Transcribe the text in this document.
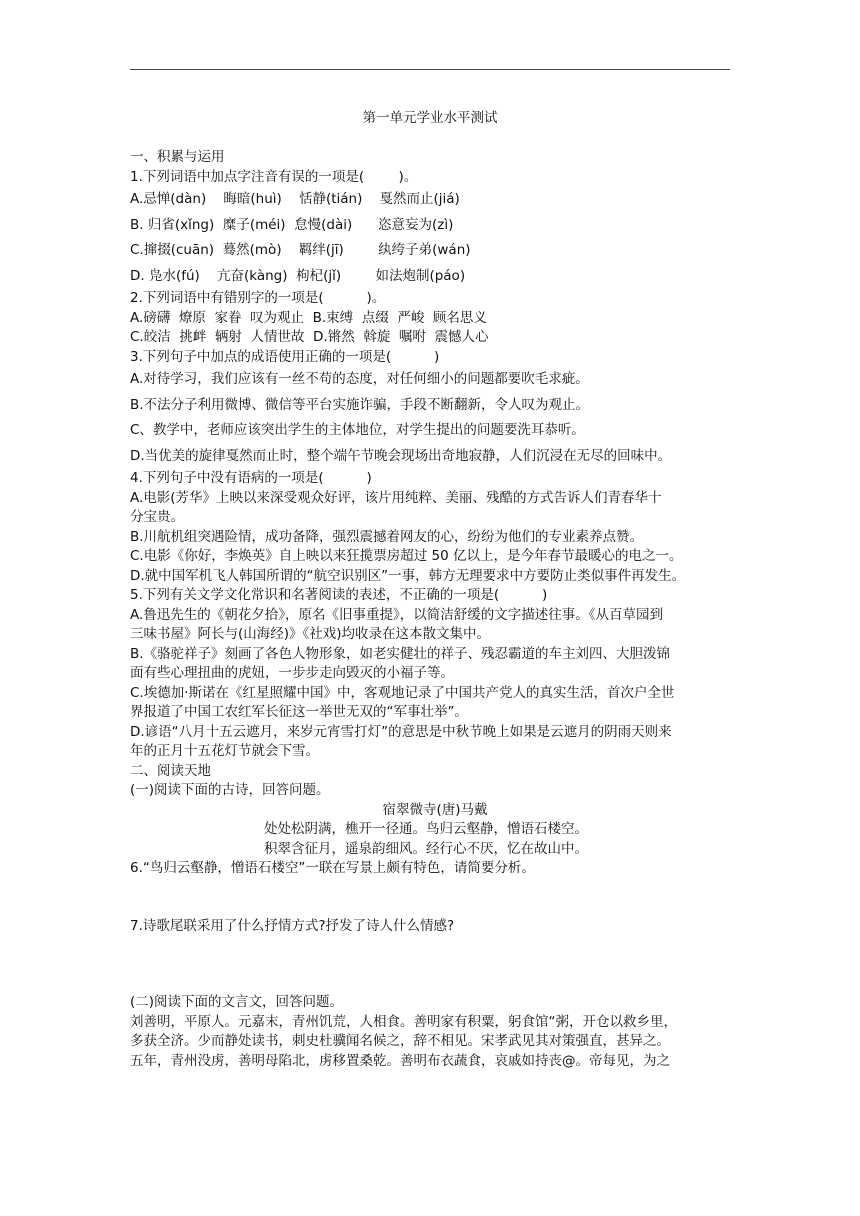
第一单元学业水平测试
一、积累与运用
1.下列词语中加点字注音有误的一项是(        )。
A.忌惮(dàn)    晦暗(huì)    恬静(tián)    戛然而止(jiá)
B. 归省(xǐng)  糜子(méi)  怠慢(dài)      恣意妄为(zì)
C.撺掇(cuān)  蓦然(mò)    羁绊(jī)        纨绔子弟(wán)
D. 凫水(fú)    亢奋(kàng)  枸杞(jǐ)        如法炮制(páo)
2.下列词语中有错别字的一项是(          )。
A.磅礴  燎原  家眷  叹为观止  B.束缚  点缀  严峻  顾名思义
C.皎洁  挑衅  辆射  人情世故  D.锵然  斡旋  嘱咐  震憾人心
3.下列句子中加点的成语使用正确的一项是(          )
A.对待学习，我们应该有一丝不苟的态度，对任何细小的问题都要吹毛求疵。
B.不法分子利用微博、微信等平台实施诈骗，手段不断翻新，令人叹为观止。
C、教学中，老师应该突出学生的主体地位，对学生提出的问题要洗耳恭听。
D.当优美的旋律戛然而止时，整个端午节晚会现场出奇地寂静，人们沉浸在无尽的回味中。
4.下列句子中没有语病的一项是(          )
A.电影(芳华》上映以来深受观众好评，该片用纯粹、美丽、残酷的方式告诉人们青春华十
分宝贵。
B.川航机组突遇险情，成功备降，强烈震撼着网友的心，纷纷为他们的专业素养点赞。
C.电影《你好，李焕英》自上映以来狂揽票房超过 50 亿以上，是今年春节最暖心的电之一。
D.就中国军机飞人韩国所谓的“航空识别区”一事，韩方无理要求中方要防止类似事件再发生。
5.下列有关文学文化常识和名著阅读的表述，不正确的一项是(          )
A.鲁迅先生的《朝花夕拾》，原名《旧事重提》，以简洁舒缓的文字描述往事。《从百草园到
三味书屋》阿长与(山海经)》《社戏)均收录在这本散文集中。
B.《骆驼祥子》刻画了各色人物形象，如老实健壮的祥子、残忍霸道的车主刘四、大胆泼锦
面有些心理扭曲的虎妞，一步步走向毁灭的小福子等。
C.埃德加·斯诺在《红星照耀中国》中，客观地记录了中国共产党人的真实生活，首次户全世
界报道了中国工农红军长征这一举世无双的“军事壮举”。
D.谚语“八月十五云遮月，来岁元宵雪打灯”的意思是中秋节晚上如果是云遮月的阴雨天则来
年的正月十五花灯节就会下雪。
二、阅读天地
(一)阅读下面的古诗，回答问题。
宿翠微寺(唐)马戴
处处松阴满，樵开一径通。鸟归云壑静，憎语石楼空。
积翠含征月，遥泉韵细风。经行心不厌，忆在故山中。
6.“鸟归云壑静，憎语石楼空”一联在写景上颇有特色，请简要分析。
7.诗歌尾联采用了什么抒情方式?抒发了诗人什么情感?
(二)阅读下面的文言文，回答问题。
刘善明，平原人。元嘉末，青州饥荒，人相食。善明家有积粟，躬食馆“粥，开仓以救乡里，
多获全济。少而静处读书，刺史杜骥闻名候之，辞不相见。宋孝武见其对策强直，甚异之。
五年，青州没虏，善明母陷北，虏移置桑乾。善明布衣蔬食，哀戚如持丧@。帝每见，为之
